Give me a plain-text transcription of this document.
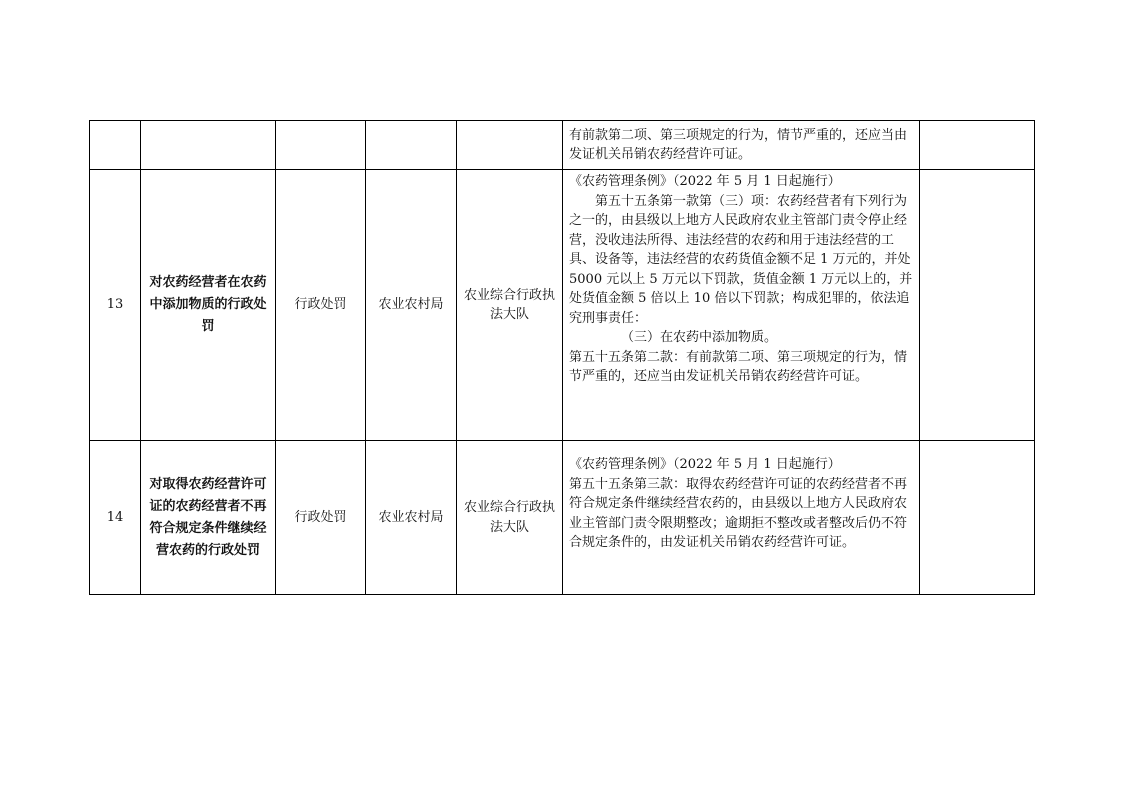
					有前款第二项、第三项规定的行为，情节严重的，还应当由发证机关吊销农药经营许可证。	

13	对农药经营者在农药中添加物质的行政处罚	行政处罚	农业农村局	农业综合行政执法大队	《农药管理条例》（2022 年 5 月 1 日起施行）

第五十五条第一款第（三）项：农药经营者有下列行为之一的，由县级以上地方人民政府农业主管部门责令停止经营，没收违法所得、违法经营的农药和用于违法经营的工具、设备等，违法经营的农药货值金额不足 1 万元的，并处 5000 元以上 5 万元以下罚款，货值金额 1 万元以上的，并处货值金额 5 倍以上 10 倍以下罚款；构成犯罪的，依法追究刑事责任：

（三）在农药中添加物质。

第五十五条第二款：有前款第二项、第三项规定的行为，情节严重的，还应当由发证机关吊销农药经营许可证。	

14	对取得农药经营许可证的农药经营者不再符合规定条件继续经营农药的行政处罚	行政处罚	农业农村局	农业综合行政执法大队	《农药管理条例》（2022 年 5 月 1 日起施行）

第五十五条第三款：取得农药经营许可证的农药经营者不再符合规定条件继续经营农药的，由县级以上地方人民政府农业主管部门责令限期整改；逾期拒不整改或者整改后仍不符合规定条件的，由发证机关吊销农药经营许可证。	
